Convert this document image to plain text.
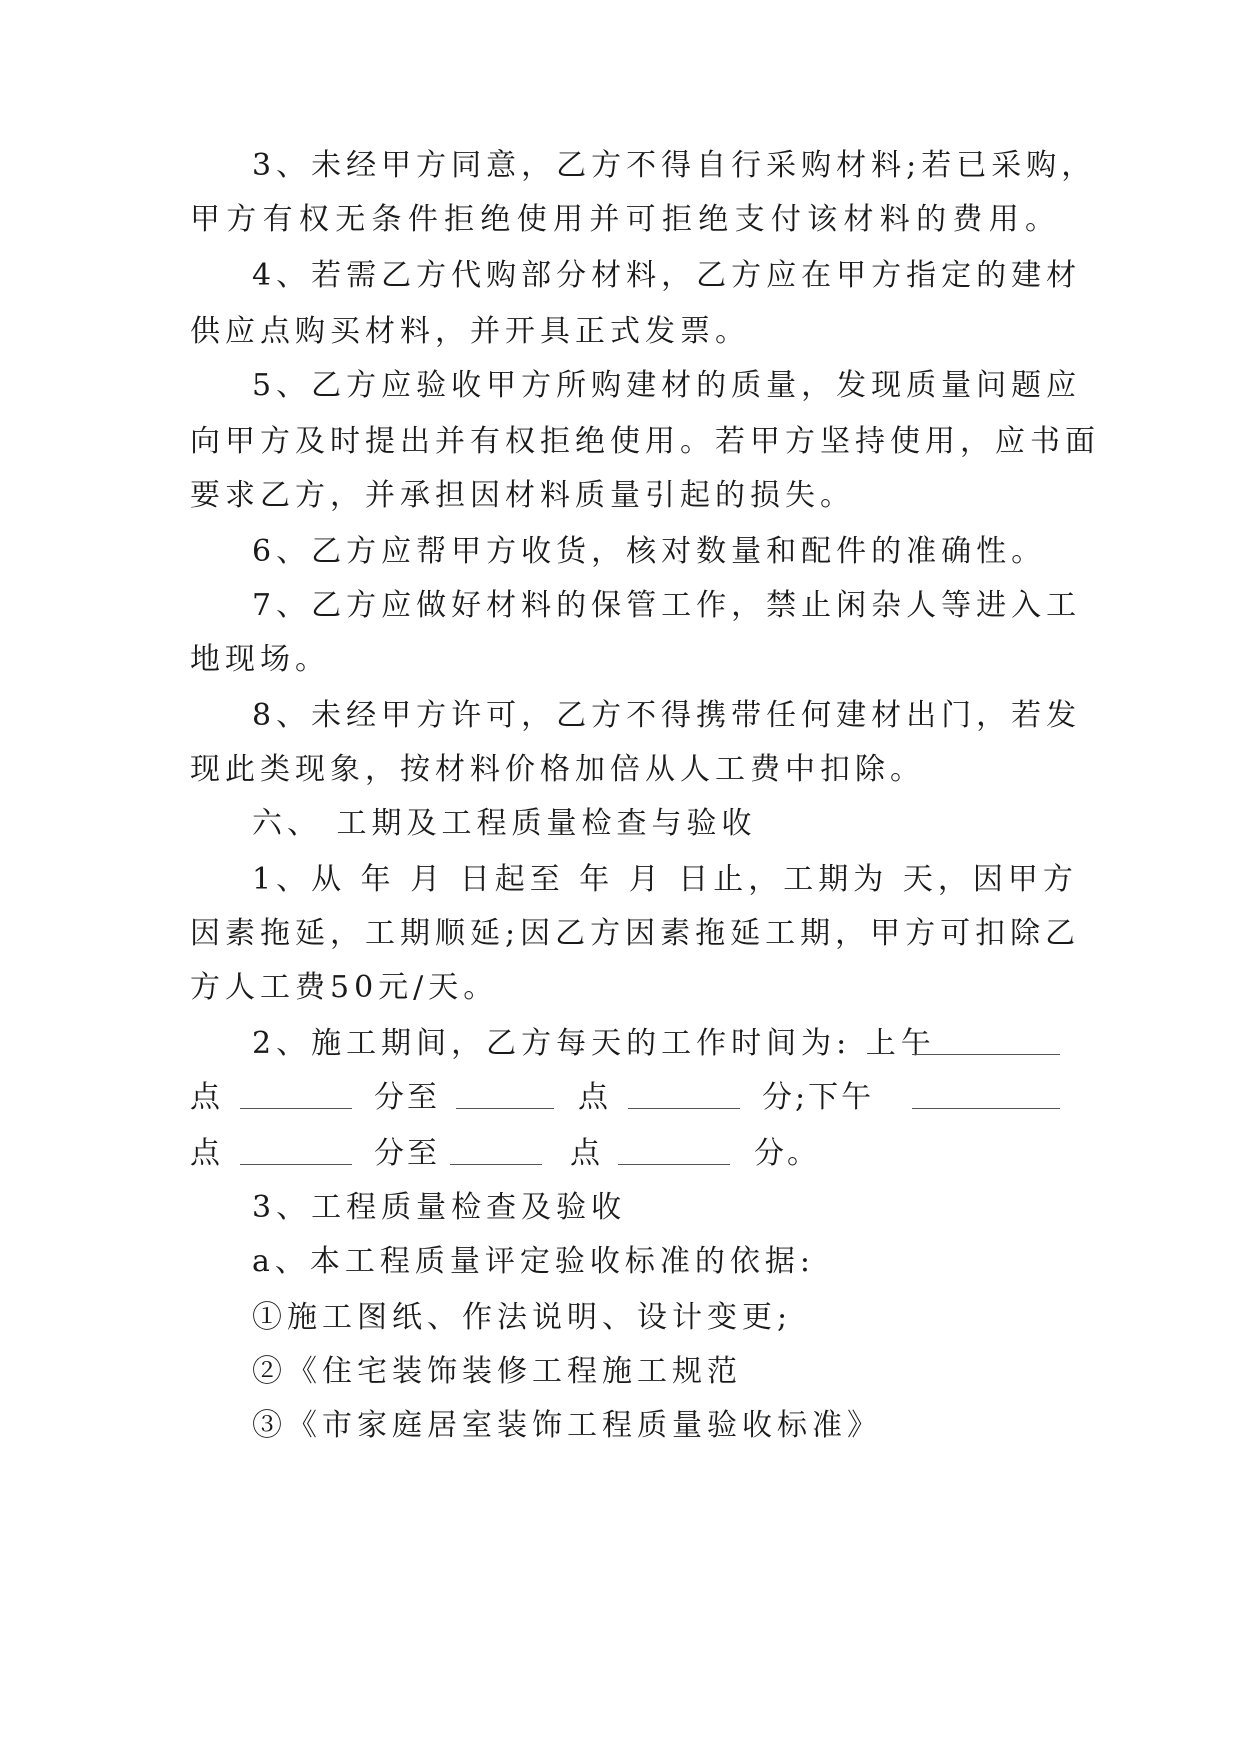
3、未经甲方同意，乙方不得自行采购材料;若已采购，
甲方有权无条件拒绝使用并可拒绝支付该材料的费用。
4、若需乙方代购部分材料，乙方应在甲方指定的建材
供应点购买材料，并开具正式发票。
5、乙方应验收甲方所购建材的质量，发现质量问题应
向甲方及时提出并有权拒绝使用。若甲方坚持使用，应书面
要求乙方，并承担因材料质量引起的损失。
6、乙方应帮甲方收货，核对数量和配件的准确性。
7、乙方应做好材料的保管工作，禁止闲杂人等进入工
地现场。
8、未经甲方许可，乙方不得携带任何建材出门，若发
现此类现象，按材料价格加倍从人工费中扣除。
六、 工期及工程质量检查与验收
1、从 年 月 日起至 年 月 日止，工期为 天，因甲方
因素拖延，工期顺延;因乙方因素拖延工期，甲方可扣除乙
方人工费50元/天。
2、施工期间，乙方每天的工作时间为: 上午
点	分至	点	分;下午
点	分至	点	分。
3、工程质量检查及验收
a、本工程质量评定验收标准的依据:
①施工图纸、作法说明、设计变更;
②《住宅装饰装修工程施工规范
③《市家庭居室装饰工程质量验收标准》
